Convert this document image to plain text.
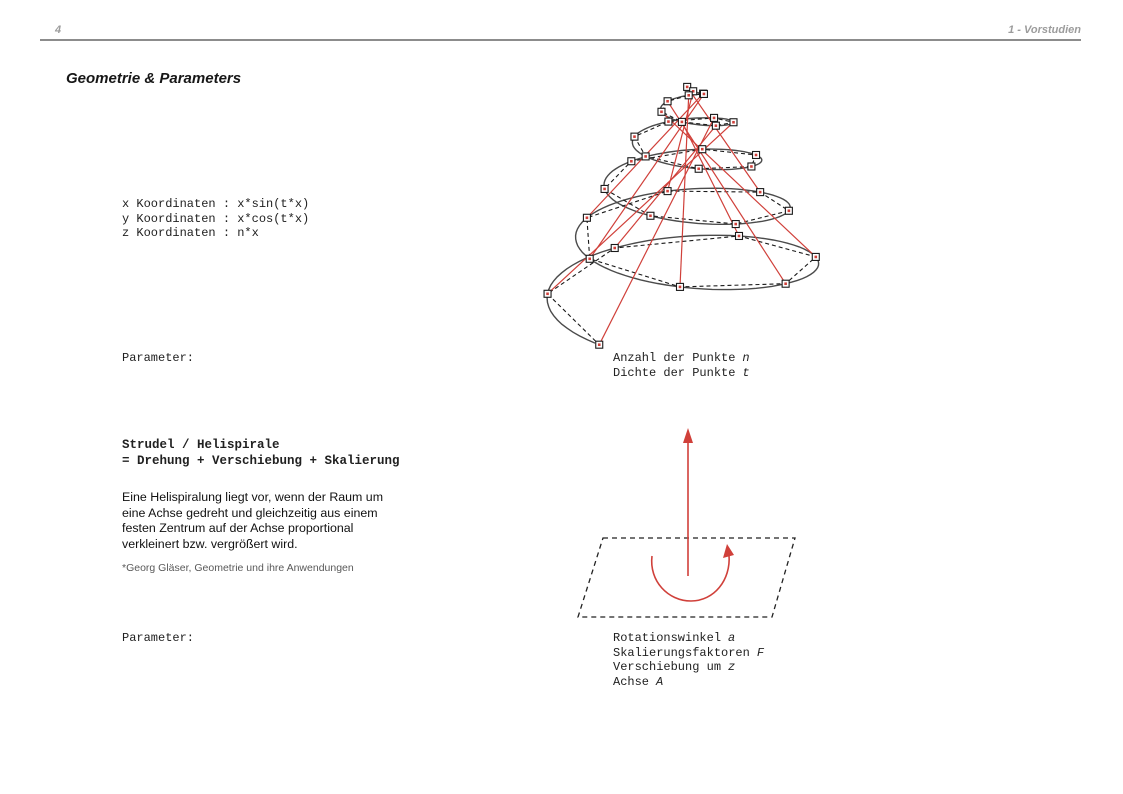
4	1 - Vorstudien
Geometrie & Parameters
x Koordinaten : x*sin(t*x)
y Koordinaten : x*cos(t*x)
z Koordinaten : n*x
Parameter:	Anzahl der Punkte n
Dichte der Punkte t
Strudel / Helispirale
= Drehung + Verschiebung + Skalierung
Eine Helispiralung liegt vor, wenn der Raum um
eine Achse gedreht und gleichzeitig aus einem
festen Zentrum auf der Achse proportional
verkleinert bzw. vergrößert wird.
*Georg Gläser, Geometrie und ihre Anwendungen
Parameter:	Rotationswinkel a
Skalierungsfaktoren F
Verschiebung um z
Achse A
